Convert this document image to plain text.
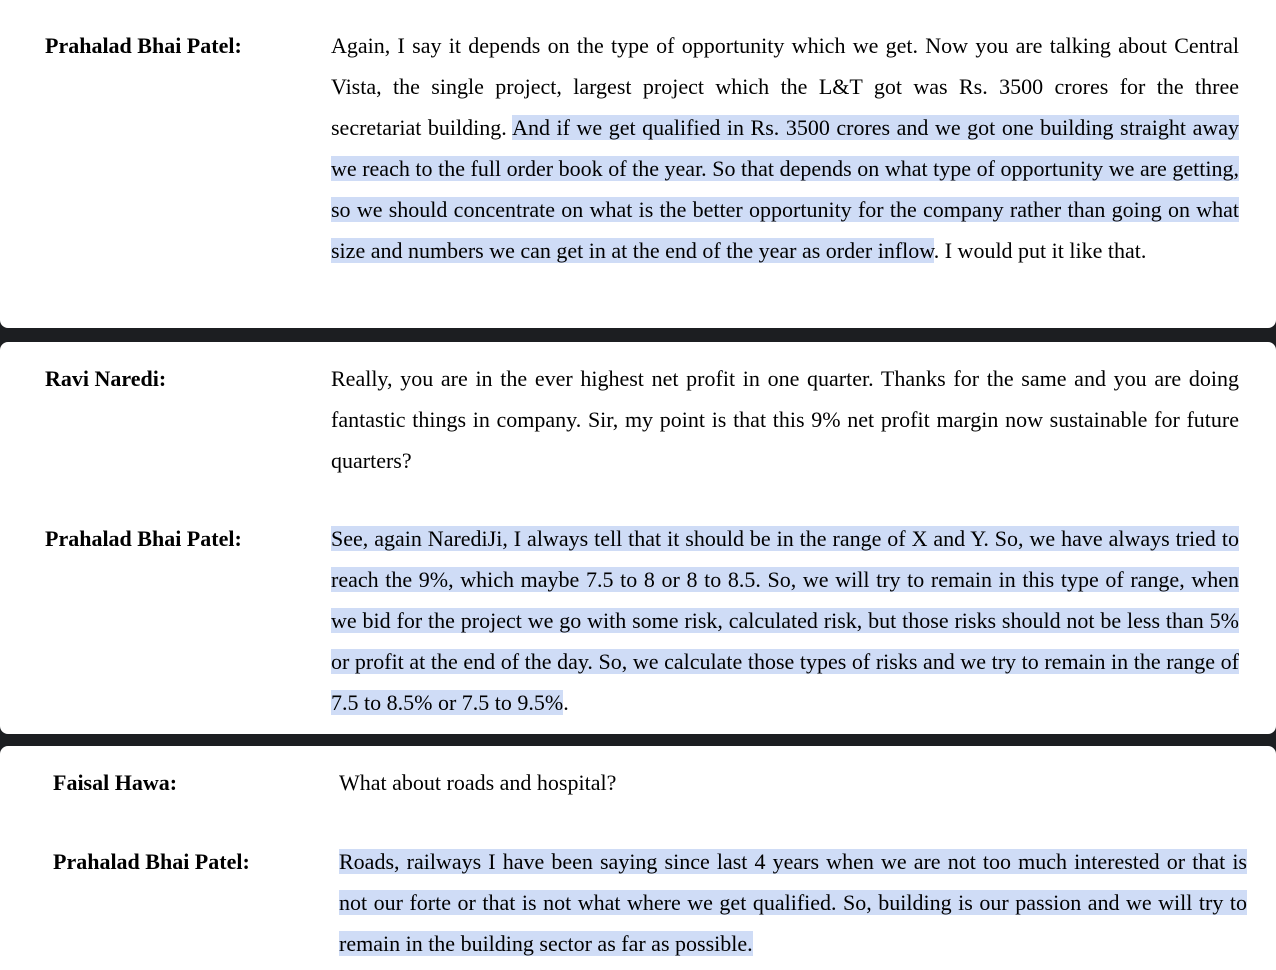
Prahalad Bhai Patel:	Again, I say it depends on the type of opportunity which we get. Now you are talking about Central Vista, the single project, largest project which the L&T got was Rs. 3500 crores for the three secretariat building. And if we get qualified in Rs. 3500 crores and we got one building straight away we reach to the full order book of the year. So that depends on what type of opportunity we are getting, so we should concentrate on what is the better opportunity for the company rather than going on what size and numbers we can get in at the end of the year as order inflow. I would put it like that.
Ravi Naredi:	Really, you are in the ever highest net profit in one quarter. Thanks for the same and you are doing fantastic things in company. Sir, my point is that this 9% net profit margin now sustainable for future quarters?
Prahalad Bhai Patel:	See, again NarediJi, I always tell that it should be in the range of X and Y. So, we have always tried to reach the 9%, which maybe 7.5 to 8 or 8 to 8.5. So, we will try to remain in this type of range, when we bid for the project we go with some risk, calculated risk, but those risks should not be less than 5% or profit at the end of the day. So, we calculate those types of risks and we try to remain in the range of 7.5 to 8.5% or 7.5 to 9.5%.
Faisal Hawa:	What about roads and hospital?
Prahalad Bhai Patel:	Roads, railways I have been saying since last 4 years when we are not too much interested or that is not our forte or that is not what where we get qualified. So, building is our passion and we will try to remain in the building sector as far as possible.
